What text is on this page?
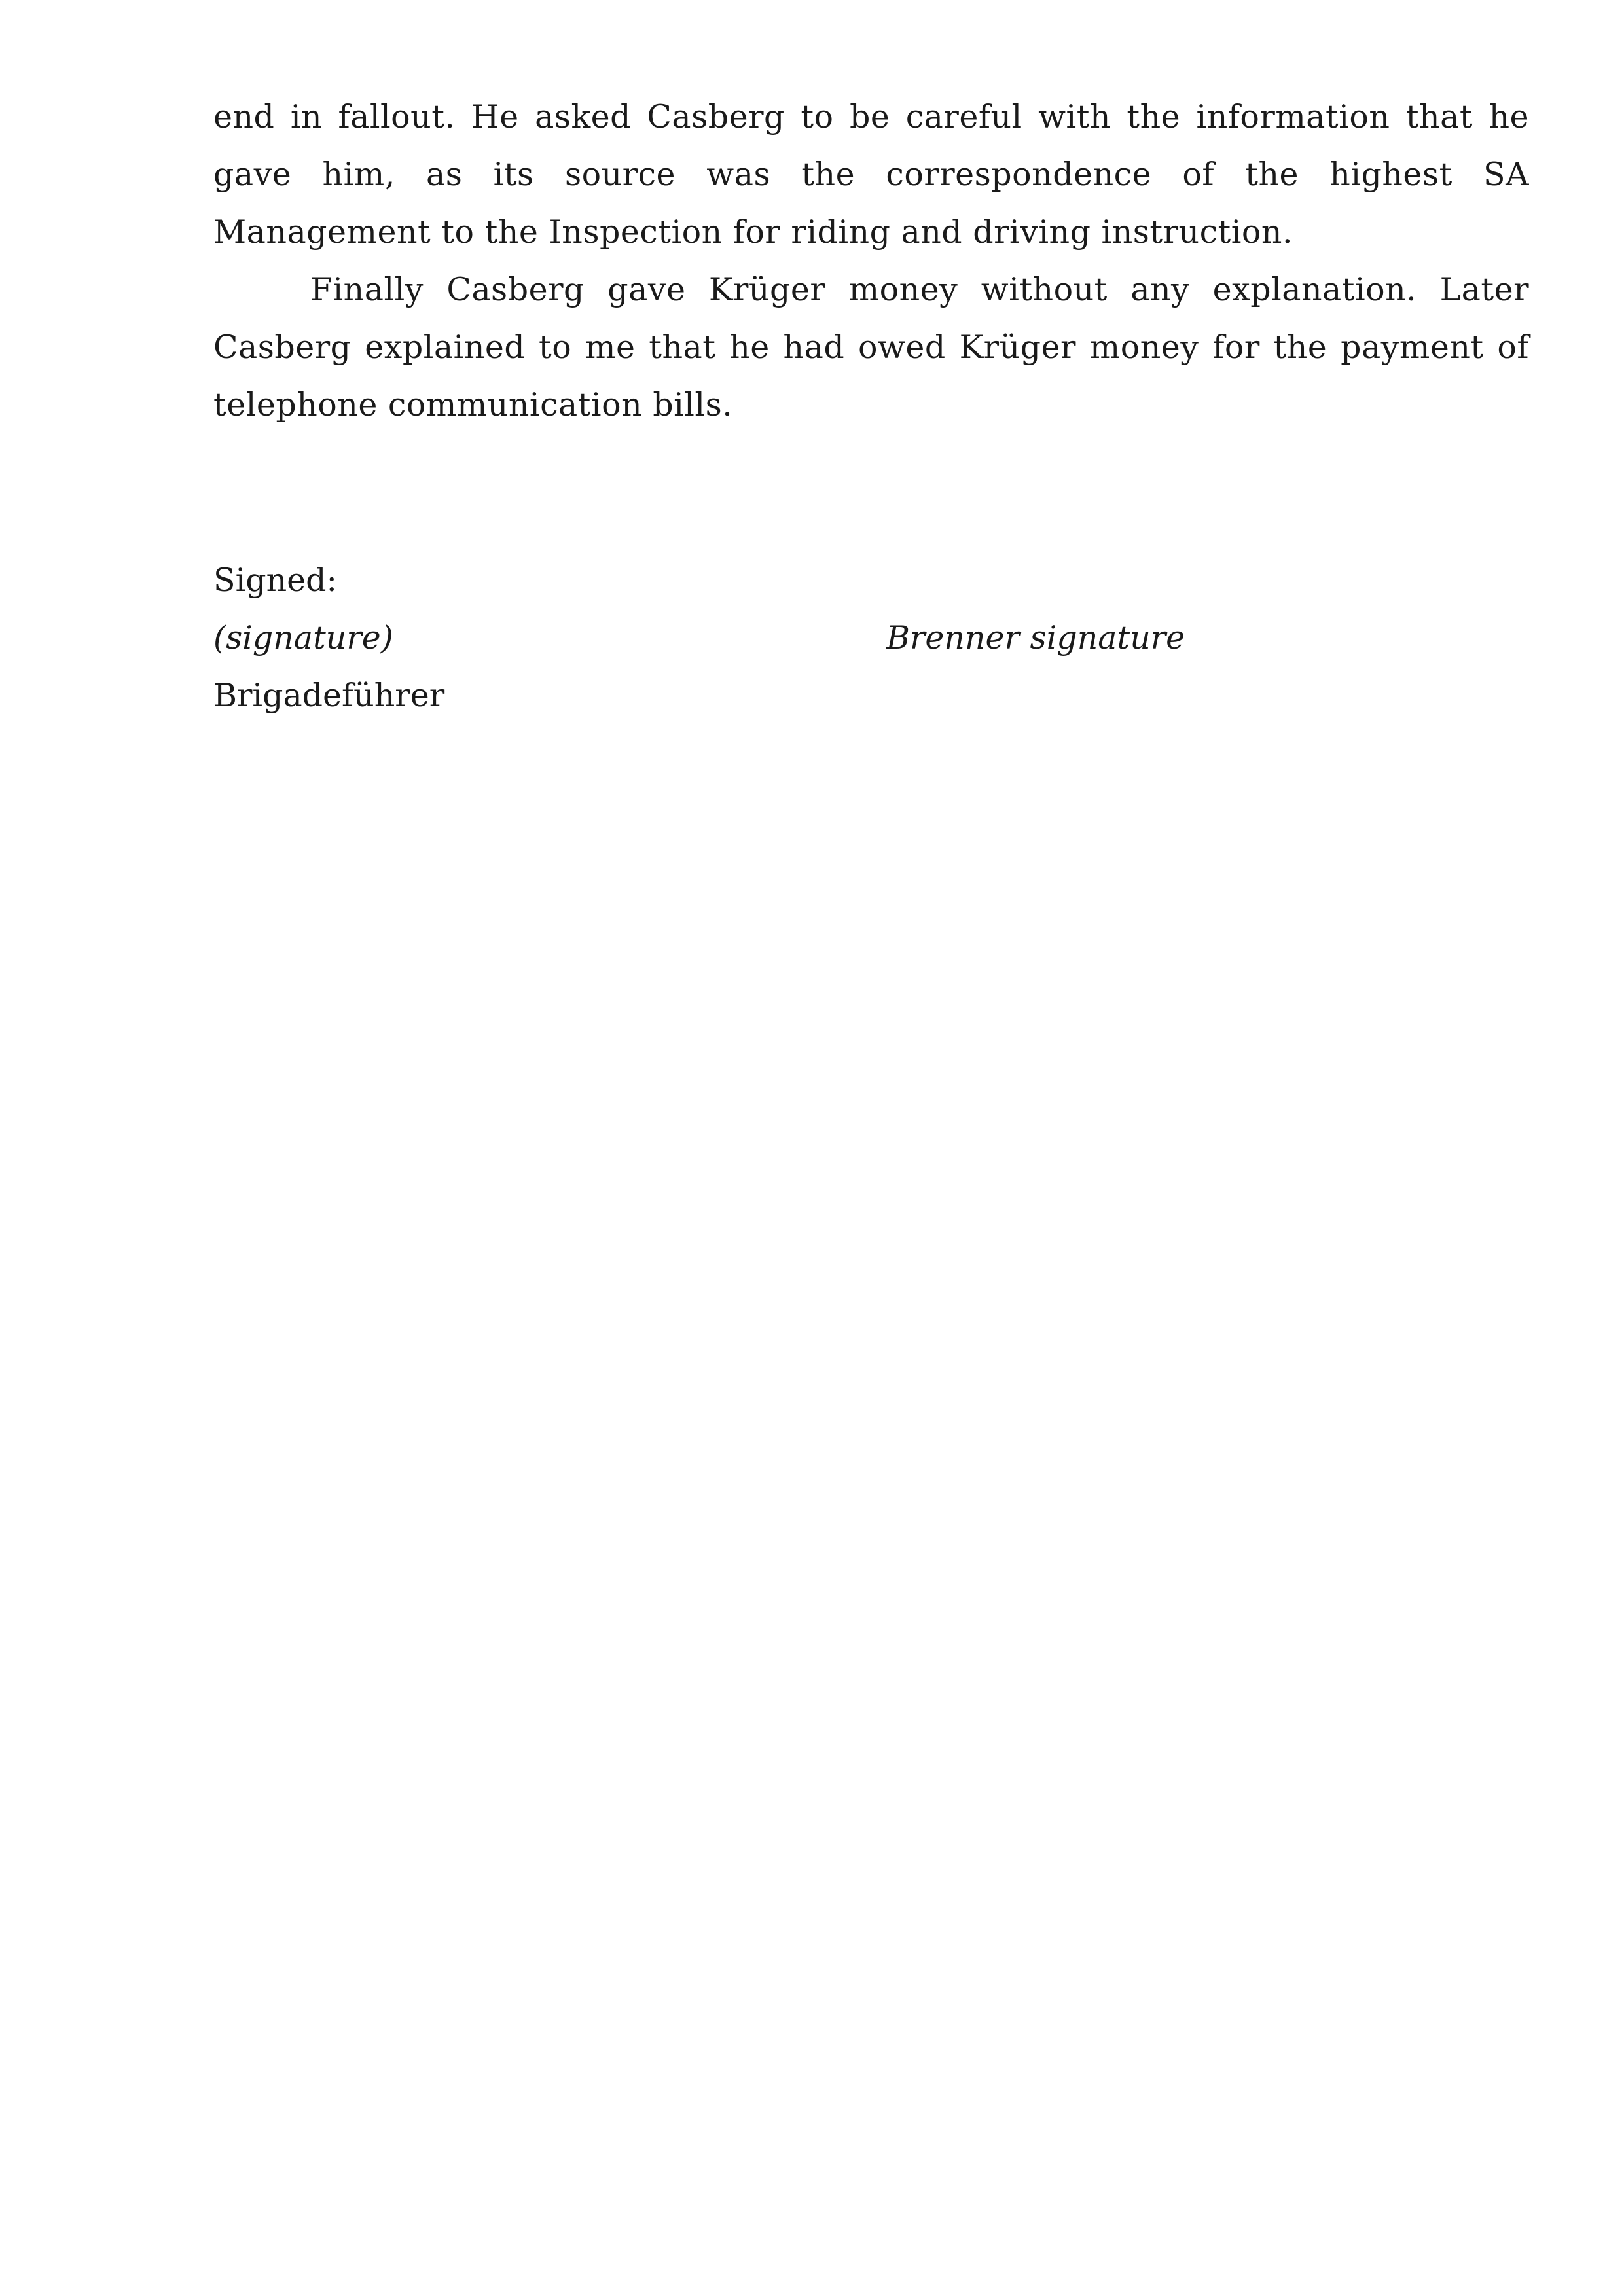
end in fallout. He asked Casberg to be careful with the information that he gave him, as its source was the correspondence of the highest SA Management to the Inspection for riding and driving instruction.

Finally Casberg gave Krüger money without any explanation. Later Casberg explained to me that he had owed Krüger money for the payment of telephone communication bills.

Signed:
(signature)	Brenner signature
Brigadeführer
